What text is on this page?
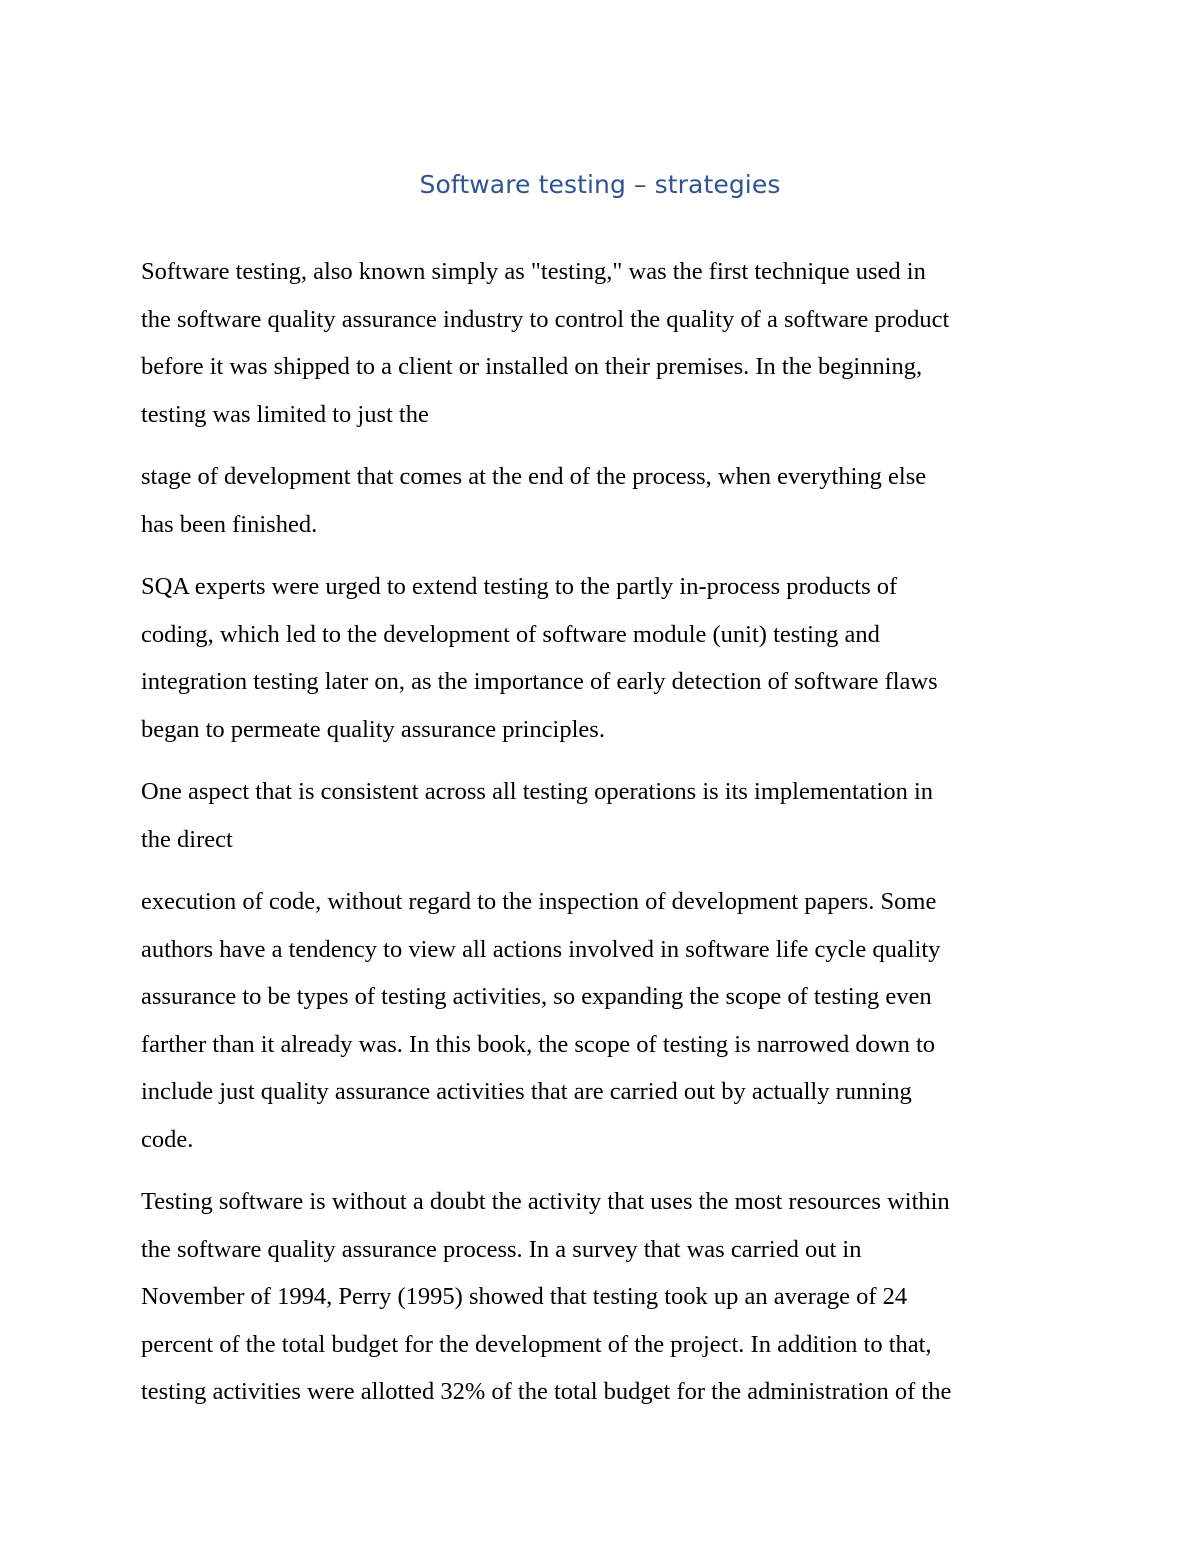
Software testing – strategies

Software testing, also known simply as "testing," was the first technique used in
the software quality assurance industry to control the quality of a software product
before it was shipped to a client or installed on their premises. In the beginning,
testing was limited to just the

stage of development that comes at the end of the process, when everything else
has been finished.

SQA experts were urged to extend testing to the partly in-process products of
coding, which led to the development of software module (unit) testing and
integration testing later on, as the importance of early detection of software flaws
began to permeate quality assurance principles.

One aspect that is consistent across all testing operations is its implementation in
the direct

execution of code, without regard to the inspection of development papers. Some
authors have a tendency to view all actions involved in software life cycle quality
assurance to be types of testing activities, so expanding the scope of testing even
farther than it already was. In this book, the scope of testing is narrowed down to
include just quality assurance activities that are carried out by actually running
code.

Testing software is without a doubt the activity that uses the most resources within
the software quality assurance process. In a survey that was carried out in
November of 1994, Perry (1995) showed that testing took up an average of 24
percent of the total budget for the development of the project. In addition to that,
testing activities were allotted 32% of the total budget for the administration of the
